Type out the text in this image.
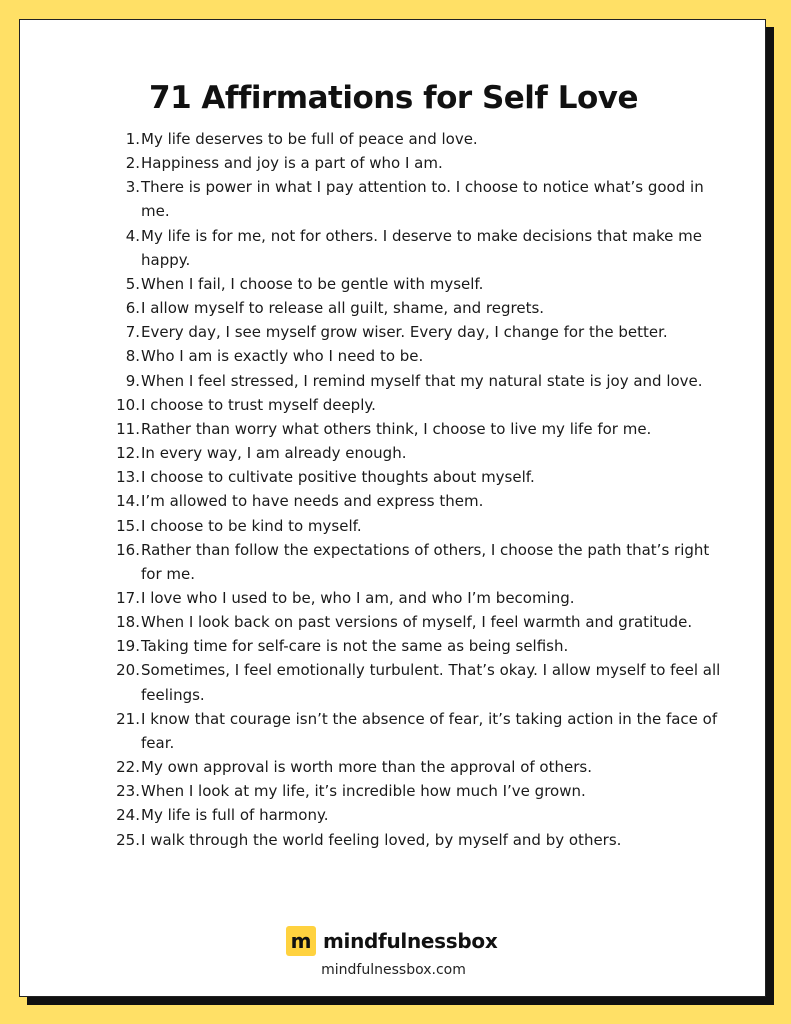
71 Affirmations for Self Love
1. My life deserves to be full of peace and love.
2. Happiness and joy is a part of who I am.
3. There is power in what I pay attention to. I choose to notice what’s good in me.
4. My life is for me, not for others. I deserve to make decisions that make me happy.
5. When I fail, I choose to be gentle with myself.
6. I allow myself to release all guilt, shame, and regrets.
7. Every day, I see myself grow wiser. Every day, I change for the better.
8. Who I am is exactly who I need to be.
9. When I feel stressed, I remind myself that my natural state is joy and love.
10. I choose to trust myself deeply.
11. Rather than worry what others think, I choose to live my life for me.
12. In every way, I am already enough.
13. I choose to cultivate positive thoughts about myself.
14. I’m allowed to have needs and express them.
15. I choose to be kind to myself.
16. Rather than follow the expectations of others, I choose the path that’s right for me.
17. I love who I used to be, who I am, and who I’m becoming.
18. When I look back on past versions of myself, I feel warmth and gratitude.
19. Taking time for self-care is not the same as being selfish.
20. Sometimes, I feel emotionally turbulent. That’s okay. I allow myself to feel all feelings.
21. I know that courage isn’t the absence of fear, it’s taking action in the face of fear.
22. My own approval is worth more than the approval of others.
23. When I look at my life, it’s incredible how much I’ve grown.
24. My life is full of harmony.
25. I walk through the world feeling loved, by myself and by others.
m mindfulnessbox
mindfulnessbox.com
